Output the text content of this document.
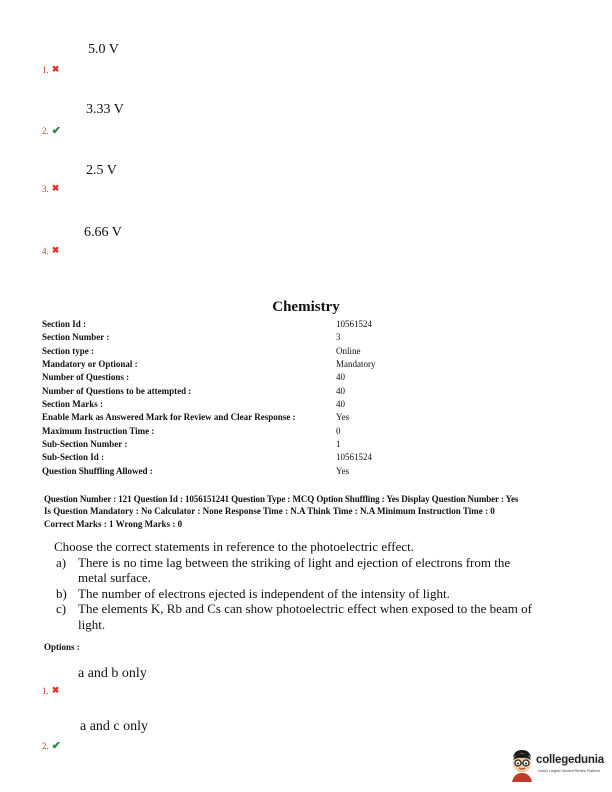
5.0 V
1. ✖
3.33 V
2. ✔
2.5 V
3. ✖
6.66 V
4. ✖
Chemistry
Section Id :	10561524
Section Number :	3
Section type :	Online
Mandatory or Optional :	Mandatory
Number of Questions :	40
Number of Questions to be attempted :	40
Section Marks :	40
Enable Mark as Answered Mark for Review and Clear Response :	Yes
Maximum Instruction Time :	0
Sub-Section Number :	1
Sub-Section Id :	10561524
Question Shuffling Allowed :	Yes
Question Number : 121 Question Id : 1056151241 Question Type : MCQ Option Shuffling : Yes Display Question Number : Yes
Is Question Mandatory : No Calculator : None Response Time : N.A Think Time : N.A Minimum Instruction Time : 0
Correct Marks : 1 Wrong Marks : 0
Choose the correct statements in reference to the photoelectric effect.
a) There is no time lag between the striking of light and ejection of electrons from the metal surface.
b) The number of electrons ejected is independent of the intensity of light.
c) The elements K, Rb and Cs can show photoelectric effect when exposed to the beam of light.
Options :
a and b only
1. ✖
a and c only
2. ✔
collegedunia
India's Largest Student Review Platform
